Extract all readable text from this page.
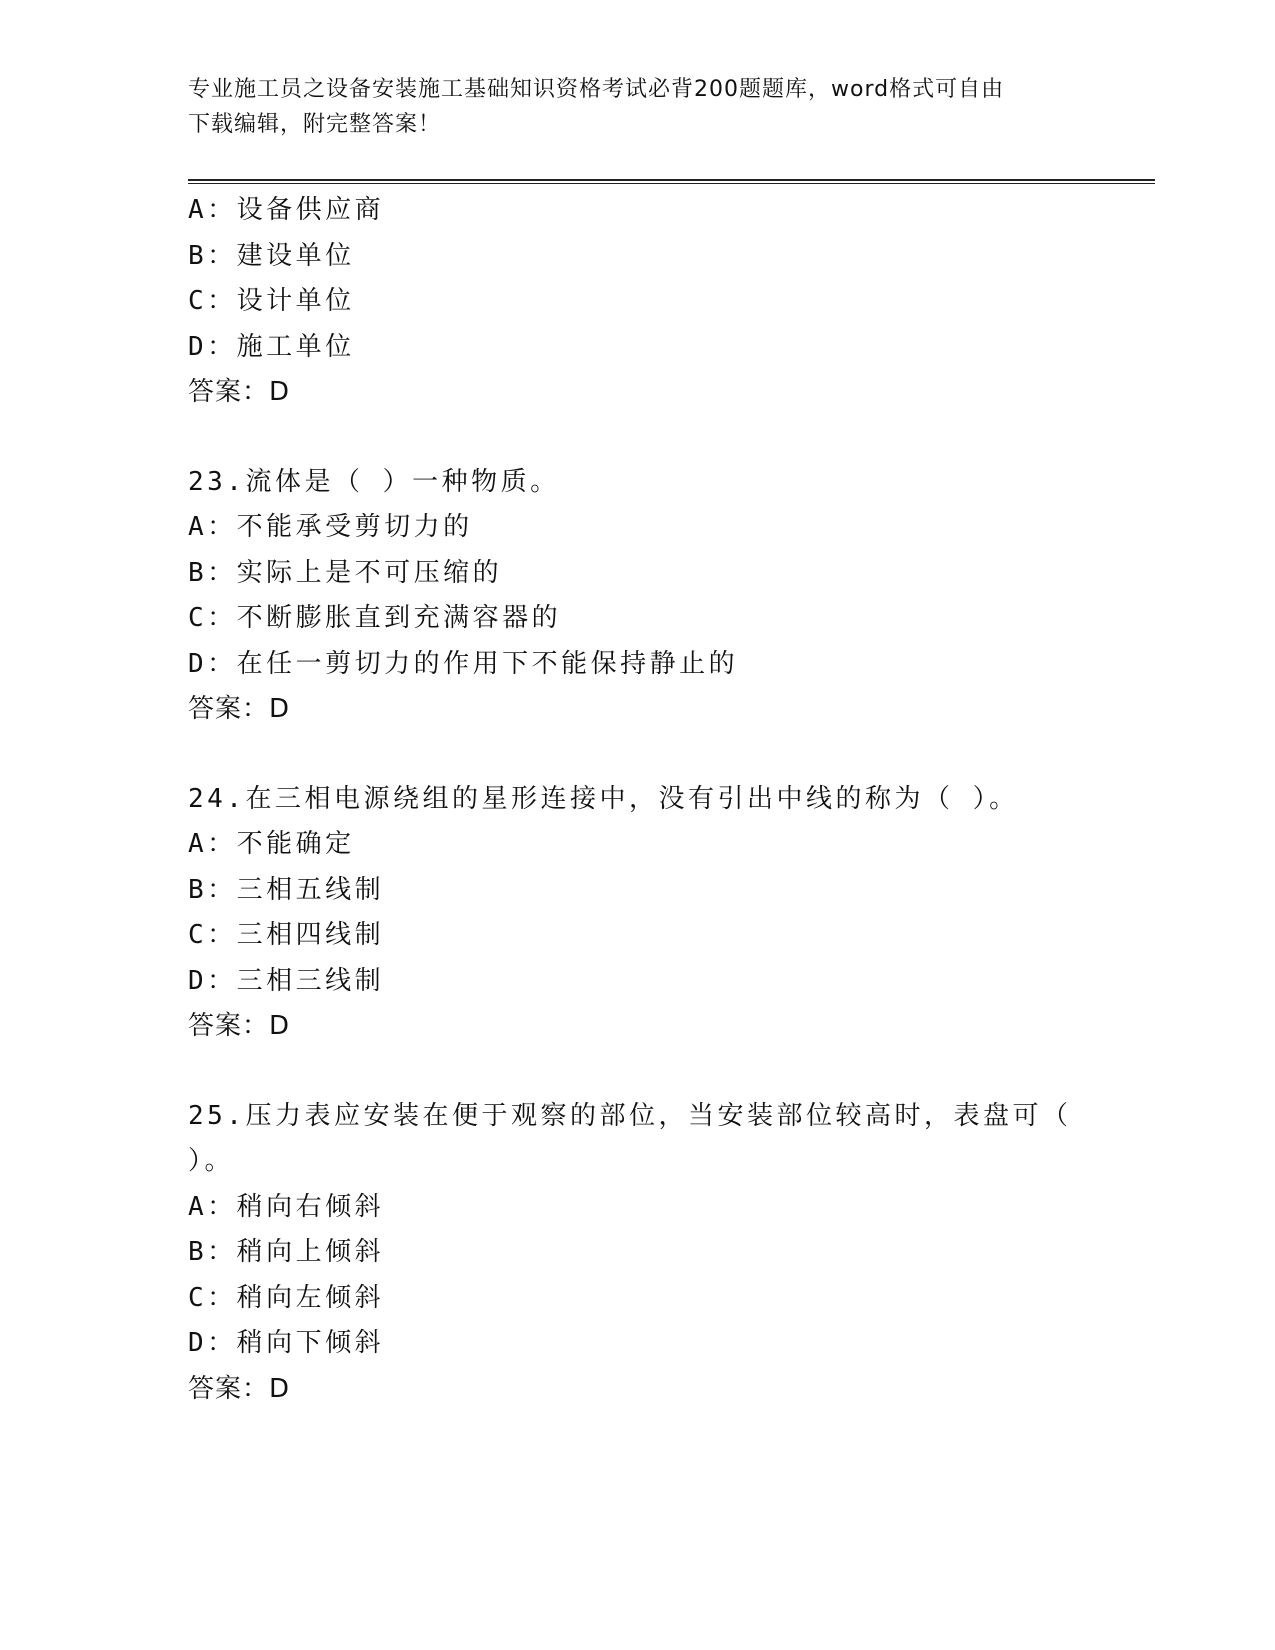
专业施工员之设备安装施工基础知识资格考试必背200题题库，word格式可自由
下载编辑，附完整答案！
A：设备供应商
B：建设单位
C：设计单位
D：施工单位
答案：D
23.流体是（ ）一种物质。
A：不能承受剪切力的
B：实际上是不可压缩的
C：不断膨胀直到充满容器的
D：在任一剪切力的作用下不能保持静止的
答案：D
24.在三相电源绕组的星形连接中，没有引出中线的称为（ ）。
A：不能确定
B：三相五线制
C：三相四线制
D：三相三线制
答案：D
25.压力表应安装在便于观察的部位，当安装部位较高时，表盘可（
）。
A：稍向右倾斜
B：稍向上倾斜
C：稍向左倾斜
D：稍向下倾斜
答案：D
